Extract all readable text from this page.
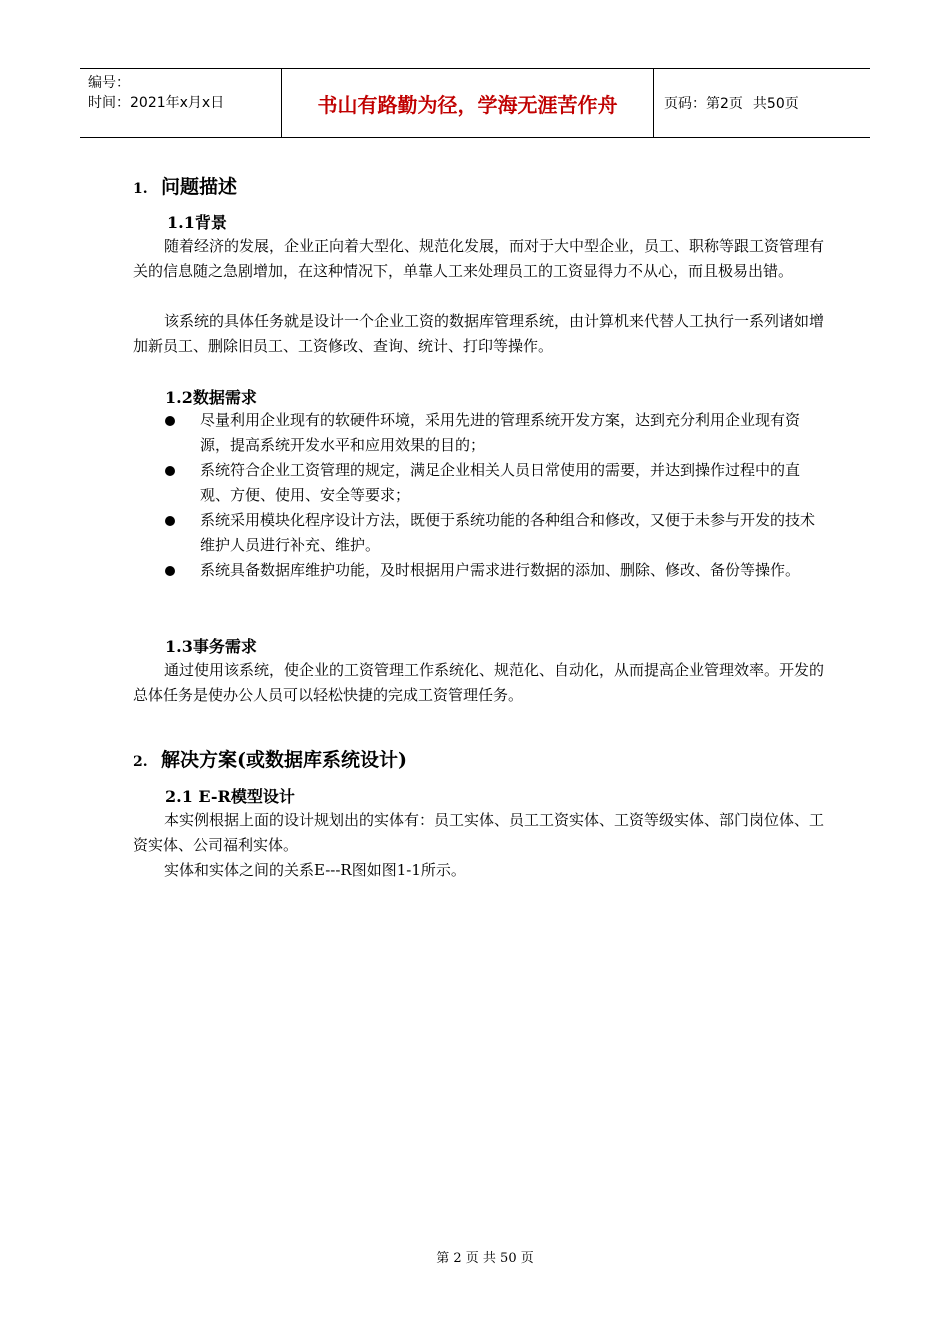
编号：
时间：2021年x月x日	书山有路勤为径，学海无涯苦作舟	页码：第2页 共50页
1. 问题描述
1.1背景

随着经济的发展，企业正向着大型化、规范化发展，而对于大中型企业，员工、职称等跟工资管理有关的信息随之急剧增加，在这种情况下，单靠人工来处理员工的工资显得力不从心，而且极易出错。

该系统的具体任务就是设计一个企业工资的数据库管理系统，由计算机来代替人工执行一系列诸如增加新员工、删除旧员工、工资修改、查询、统计、打印等操作。

1.2数据需求
尽量利用企业现有的软硬件环境，采用先进的管理系统开发方案，达到充分利用企业现有资源，提高系统开发水平和应用效果的目的；
系统符合企业工资管理的规定，满足企业相关人员日常使用的需要，并达到操作过程中的直观、方便、使用、安全等要求；
系统采用模块化程序设计方法，既便于系统功能的各种组合和修改，又便于未参与开发的技术维护人员进行补充、维护。
系统具备数据库维护功能，及时根据用户需求进行数据的添加、删除、修改、备份等操作。
1.3事务需求

通过使用该系统，使企业的工资管理工作系统化、规范化、自动化，从而提高企业管理效率。开发的总体任务是使办公人员可以轻松快捷的完成工资管理任务。

2. 解决方案(或数据库系统设计)
2.1 E-R模型设计

本实例根据上面的设计规划出的实体有：员工实体、员工工资实体、工资等级实体、部门岗位体、工资实体、公司福利实体。

实体和实体之间的关系E---R图如图1-1所示。

第 2 页 共 50 页
